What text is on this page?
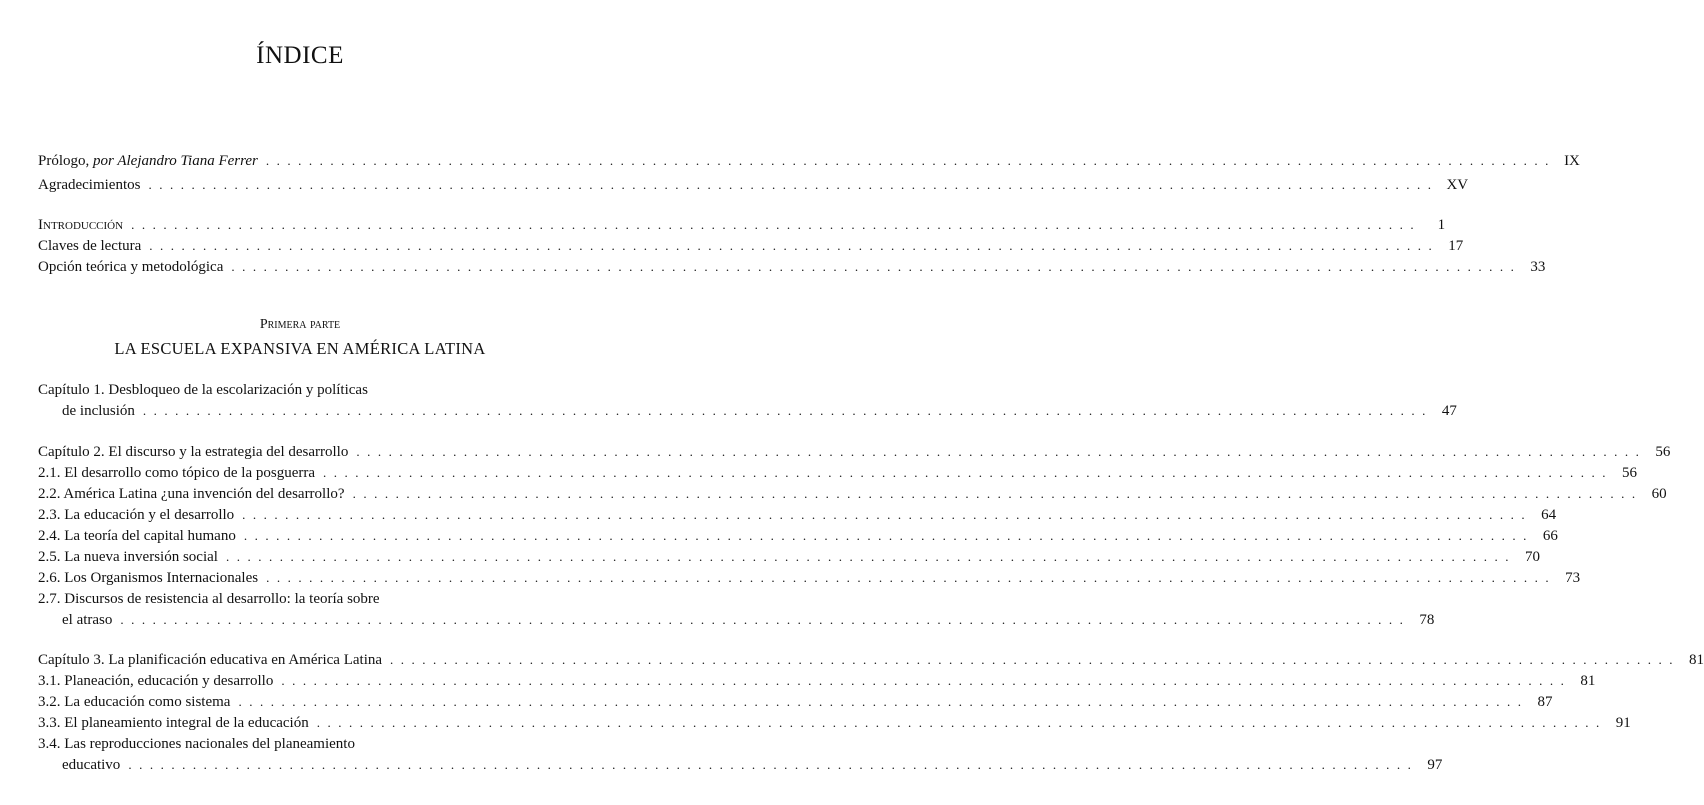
ÍNDICE
Prólogo, por Alejandro Tiana Ferrer ........................................................................................................................ IX
Agradecimientos ........................................................................................................................ XV
Introducción ........................................................................................................................	1
Claves de lectura ........................................................................................................................ 17
Opción teórica y metodológica ........................................................................................................................ 33
Primera parte
LA ESCUELA EXPANSIVA EN AMÉRICA LATINA
Capítulo 1. Desbloqueo de la escolarización y políticas
de inclusión ........................................................................................................................ 47
Capítulo 2. El discurso y la estrategia del desarrollo ........................................................................................................................ 56
2.1. El desarrollo como tópico de la posguerra ........................................................................................................................ 56
2.2. América Latina ¿una invención del desarrollo? ........................................................................................................................ 60
2.3. La educación y el desarrollo ........................................................................................................................ 64
2.4. La teoría del capital humano ........................................................................................................................ 66
2.5. La nueva inversión social ........................................................................................................................ 70
2.6. Los Organismos Internacionales ........................................................................................................................ 73
2.7. Discursos de resistencia al desarrollo: la teoría sobre
el atraso ........................................................................................................................ 78
Capítulo 3. La planificación educativa en América Latina ........................................................................................................................ 81
3.1. Planeación, educación y desarrollo ........................................................................................................................ 81
3.2. La educación como sistema ........................................................................................................................ 87
3.3. El planeamiento integral de la educación ........................................................................................................................ 91
3.4. Las reproducciones nacionales del planeamiento
educativo ........................................................................................................................ 97
